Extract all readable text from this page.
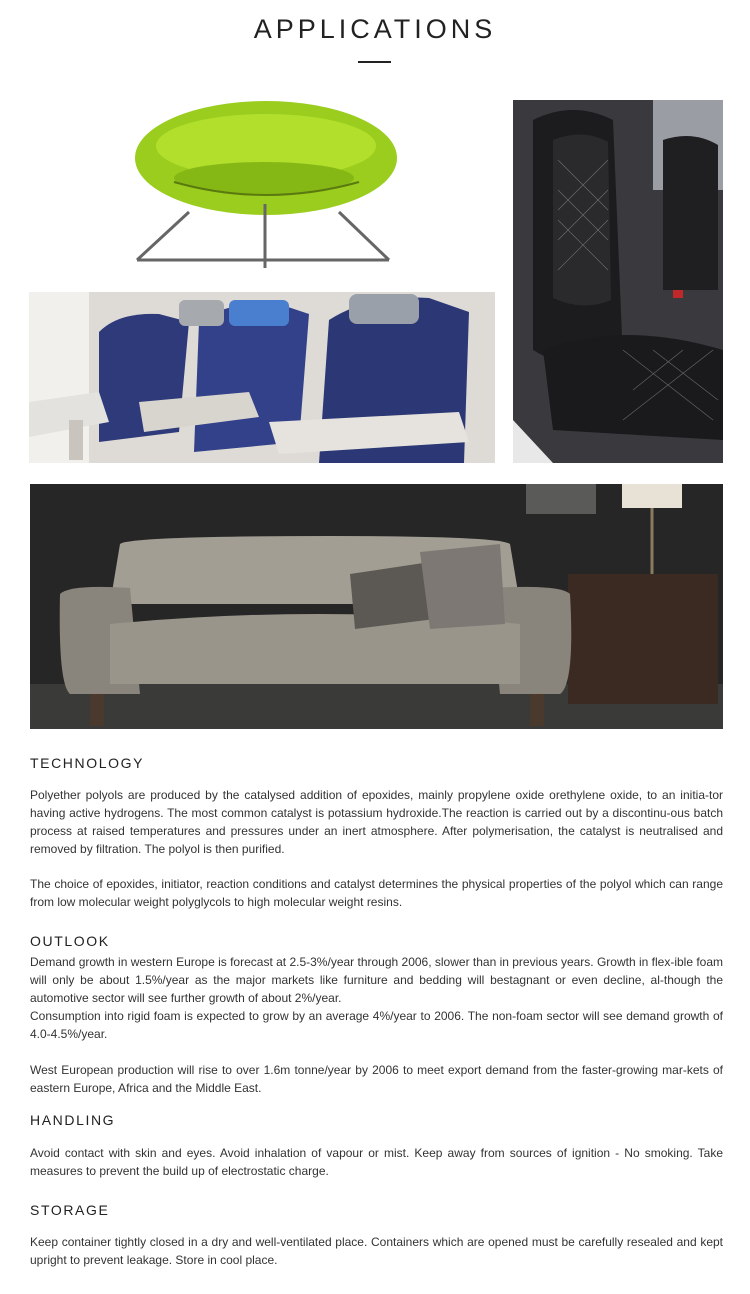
APPLICATIONS
TECHNOLOGY

Polyether polyols are produced by the catalysed addition of epoxides, mainly propylene oxide orethylene oxide, to an initia-tor having active hydrogens. The most common catalyst is potassium hydroxide.The reaction is carried out by a discontinu-ous batch process at raised temperatures and pressures under an inert atmosphere. After polymerisation, the catalyst is neutralised and removed by filtration. The polyol is then purified.

The choice of epoxides, initiator, reaction conditions and catalyst determines the physical properties of the polyol which can range from low molecular weight polyglycols to high molecular weight resins.

OUTLOOK

Demand growth in western Europe is forecast at 2.5-3%/year through 2006, slower than in previous years. Growth in flex-ible foam will only be about 1.5%/year as the major markets like furniture and bedding will bestagnant or even decline, al-though the automotive sector will see further growth of about 2%/year.

Consumption into rigid foam is expected to grow by an average 4%/year to 2006. The non-foam sector will see demand growth of 4.0-4.5%/year.

West European production will rise to over 1.6m tonne/year by 2006 to meet export demand from the faster-growing mar-kets of eastern Europe, Africa and the Middle East.

HANDLING

Avoid contact with skin and eyes. Avoid inhalation of vapour or mist. Keep away from sources of ignition - No smoking. Take measures to prevent the build up of electrostatic charge.

STORAGE

Keep container tightly closed in a dry and well-ventilated place. Containers which are opened must be carefully resealed and kept upright to prevent leakage. Store in cool place.
